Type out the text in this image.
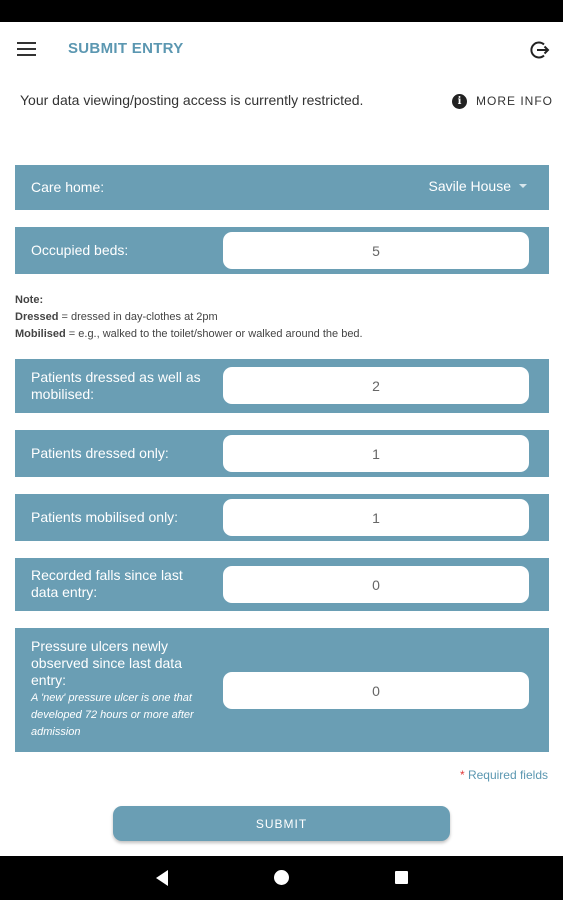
SUBMIT ENTRY
Your data viewing/posting access is currently restricted.	i	MORE INFO
Care home:	Savile House
Occupied beds:
5
Note:
Dressed = dressed in day-clothes at 2pm
Mobilised = e.g., walked to the toilet/shower or walked around the bed.
Patients dressed as well as mobilised:
2
Patients dressed only:
1
Patients mobilised only:
1
Recorded falls since last data entry:
0
Pressure ulcers newly observed since last data entry:
A 'new' pressure ulcer is one that developed 72 hours or more after admission
0
* Required fields
SUBMIT
